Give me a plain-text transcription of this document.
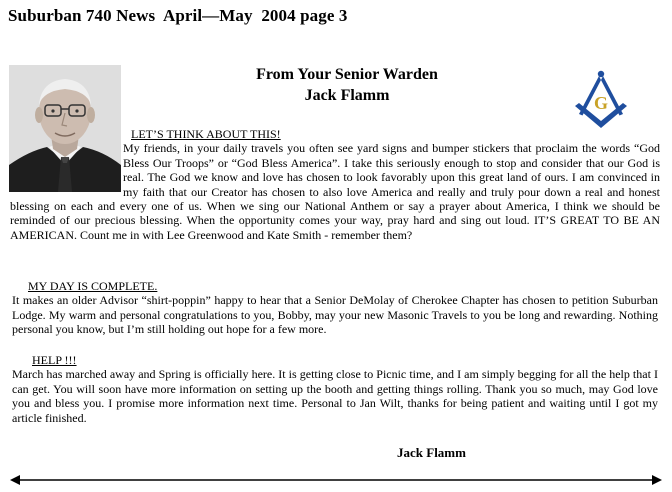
Suburban 740 News  April—May  2004 page 3
From Your Senior Warden
Jack Flamm	G
LET’S THINK ABOUT THIS!
My friends, in your daily travels you often see yard signs and bumper stickers that proclaim the words “God Bless Our Troops” or “God Bless America”. I take this seriously enough to stop and consider that our God is real. The God we know and love has chosen to look favorably upon this great land of ours. I am convinced in my faith that our Creator has chosen to also love America and really and truly pour down a real and honest blessing on each and every one of us. When we sing our National Anthem or say a prayer about America, I think we should be reminded of our precious blessing. When the opportunity comes your way, pray hard and sing out loud. IT’S GREAT TO BE AN AMERICAN. Count me in with Lee Greenwood and Kate Smith - remember them?
MY DAY IS COMPLETE.

It makes an older Advisor “shirt-poppin” happy to hear that a Senior DeMolay of Cherokee Chapter has chosen to petition Suburban Lodge. My warm and personal congratulations to you, Bobby, may your new Masonic Travels to you be long and rewarding. Nothing personal you know, but I’m still holding out hope for a few more.
HELP !!!

March has marched away and Spring is officially here. It is getting close to Picnic time, and I am simply begging for all the help that I can get. You will soon have more information on setting up the booth and getting things rolling. Thank you so much, may God love you and bless you. I promise more information next time. Personal to Jan Wilt, thanks for being patient and waiting until I got my article finished.
Jack Flamm
